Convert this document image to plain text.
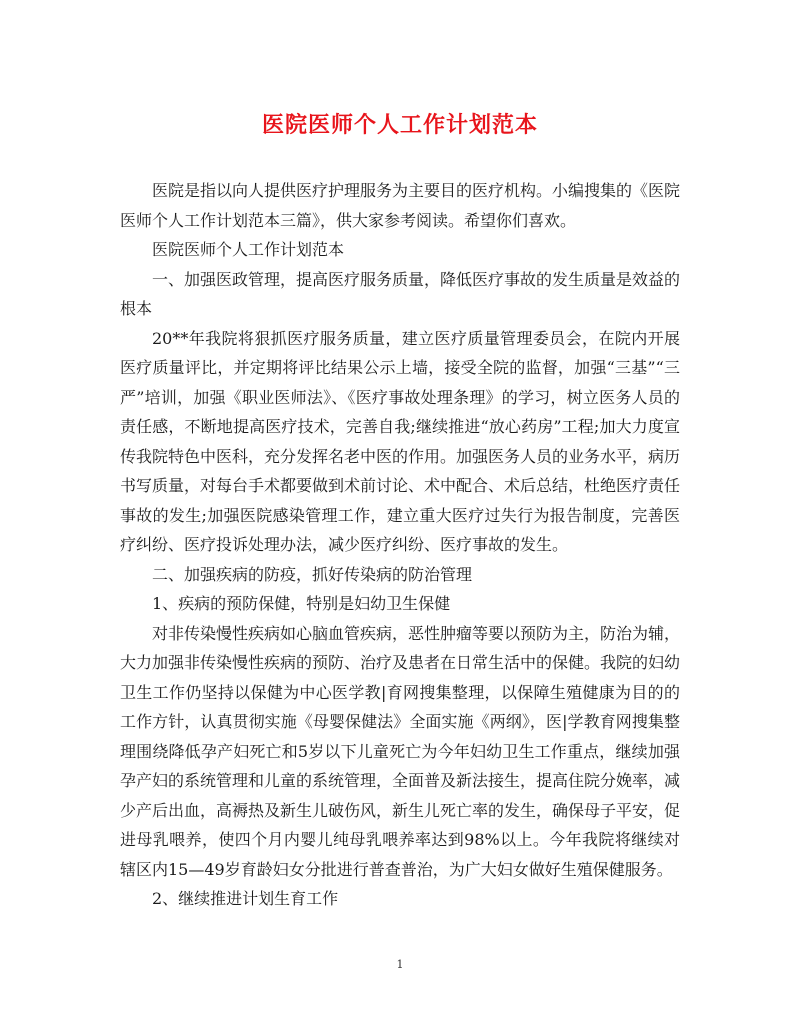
医院医师个人工作计划范本

医院是指以向人提供医疗护理服务为主要目的医疗机构。小编搜集的《医院医师个人工作计划范本三篇》，供大家参考阅读。希望你们喜欢。

医院医师个人工作计划范本

一、加强医政管理，提高医疗服务质量，降低医疗事故的发生质量是效益的根本

20**年我院将狠抓医疗服务质量，建立医疗质量管理委员会，在院内开展医疗质量评比，并定期将评比结果公示上墙，接受全院的监督，加强“三基”“三严”培训，加强《职业医师法》、《医疗事故处理条理》的学习，树立医务人员的责任感，不断地提高医疗技术，完善自我;继续推进“放心药房”工程;加大力度宣传我院特色中医科，充分发挥名老中医的作用。加强医务人员的业务水平，病历书写质量，对每台手术都要做到术前讨论、术中配合、术后总结，杜绝医疗责任事故的发生;加强医院感染管理工作，建立重大医疗过失行为报告制度，完善医疗纠纷、医疗投诉处理办法，减少医疗纠纷、医疗事故的发生。

二、加强疾病的防疫，抓好传染病的防治管理

1、疾病的预防保健，特别是妇幼卫生保健

对非传染慢性疾病如心脑血管疾病，恶性肿瘤等要以预防为主，防治为辅，大力加强非传染慢性疾病的预防、治疗及患者在日常生活中的保健。我院的妇幼卫生工作仍坚持以保健为中心医学教|育网搜集整理，以保障生殖健康为目的的工作方针，认真贯彻实施《母婴保健法》全面实施《两纲》，医|学教育网搜集整理围绕降低孕产妇死亡和5岁以下儿童死亡为今年妇幼卫生工作重点，继续加强孕产妇的系统管理和儿童的系统管理，全面普及新法接生，提高住院分娩率，减少产后出血，高褥热及新生儿破伤风，新生儿死亡率的发生，确保母子平安，促进母乳喂养，使四个月内婴儿纯母乳喂养率达到98%以上。今年我院将继续对辖区内15—49岁育龄妇女分批进行普查普治，为广大妇女做好生殖保健服务。

2、继续推进计划生育工作

1
